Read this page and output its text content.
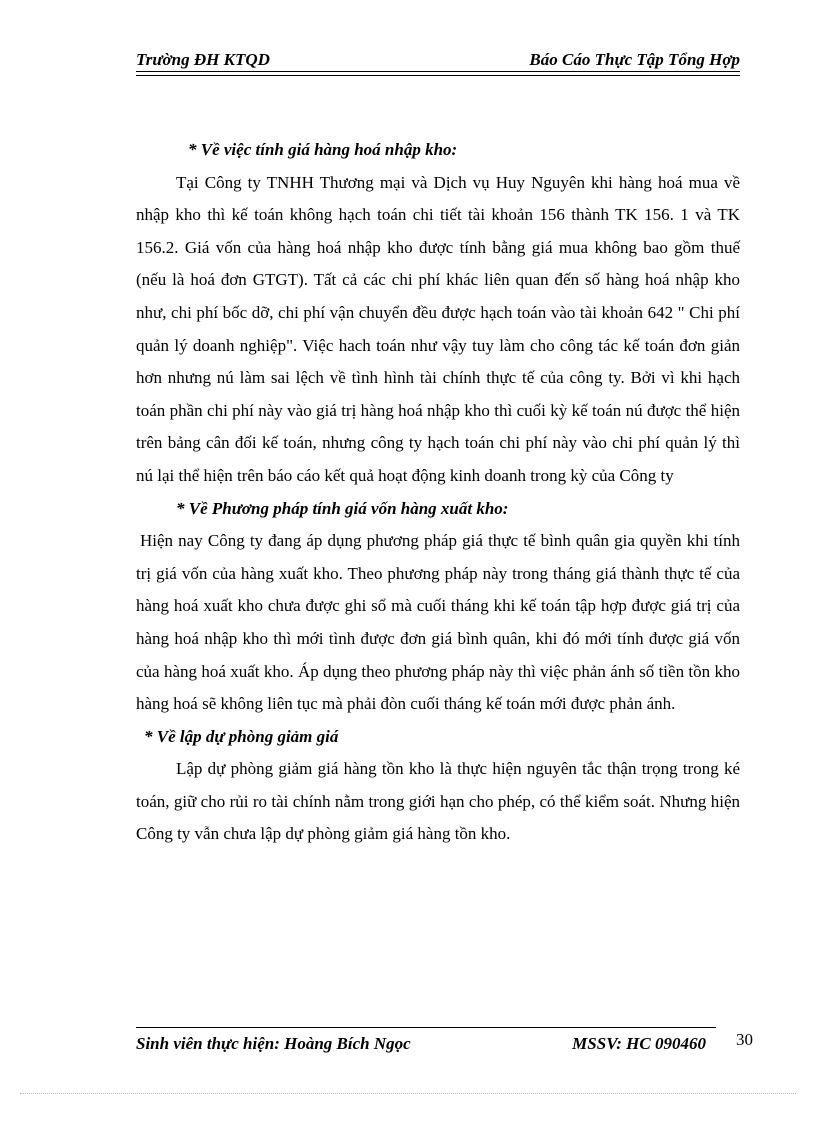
Trường ĐH KTQD	Báo Cáo Thực Tập Tổng Hợp

* Về việc tính giá hàng hoá nhập kho:

Tại Công ty TNHH Thương mại và Dịch vụ Huy Nguyên khi hàng hoá mua về nhập kho thì kế toán không hạch toán chi tiết tài khoản 156 thành TK 156. 1 và TK 156.2. Giá vốn của hàng hoá nhập kho được tính bằng giá mua không bao gồm thuế (nếu là hoá đơn GTGT). Tất cả các chi phí khác liên quan đến số hàng hoá nhập kho như, chi phí bốc dỡ, chi phí vận chuyển đều được hạch toán vào tài khoản 642 " Chi phí quản lý doanh nghiệp". Việc hach toán như vậy tuy làm cho công tác kế toán đơn giản hơn nhưng nú làm sai lệch về tình hình tài chính thực tế của công ty. Bởi vì khi hạch toán phần chi phí này vào giá trị hàng hoá nhập kho thì cuối kỳ kế toán nú được thể hiện trên bảng cân đối kế toán, nhưng công ty hạch toán chi phí này vào chi phí quản lý thì nú lại thể hiện trên báo cáo kết quả hoạt động kinh doanh trong kỳ của Công ty

* Về Phương pháp tính giá vốn hàng xuất kho:

Hiện nay Công ty đang áp dụng phương pháp giá thực tế bình quân gia quyền khi tính trị giá vốn của hàng xuất kho. Theo phương pháp này trong tháng giá thành thực tế của hàng hoá xuất kho chưa được ghi sổ mà cuối tháng khi kế toán tập hợp được giá trị của hàng hoá nhập kho thì mới tình được đơn giá bình quân, khi đó mới tính được giá vốn của hàng hoá xuất kho. Áp dụng theo phương pháp này thì việc phản ánh số tiền tồn kho hàng hoá sẽ không liên tục mà phải đòn cuối tháng kế toán mới được phản ánh.

* Về lập dự phòng giảm giá

Lập dự phòng giảm giá hàng tồn kho là thực hiện nguyên tắc thận trọng trong ké toán, giữ cho rủi ro tài chính nằm trong giới hạn cho phép, có thể kiểm soát. Nhưng hiện Công ty vẫn chưa lập dự phòng giảm giá hàng tồn kho.

Sinh viên thực hiện: Hoàng Bích Ngọc	MSSV: HC 090460 30
